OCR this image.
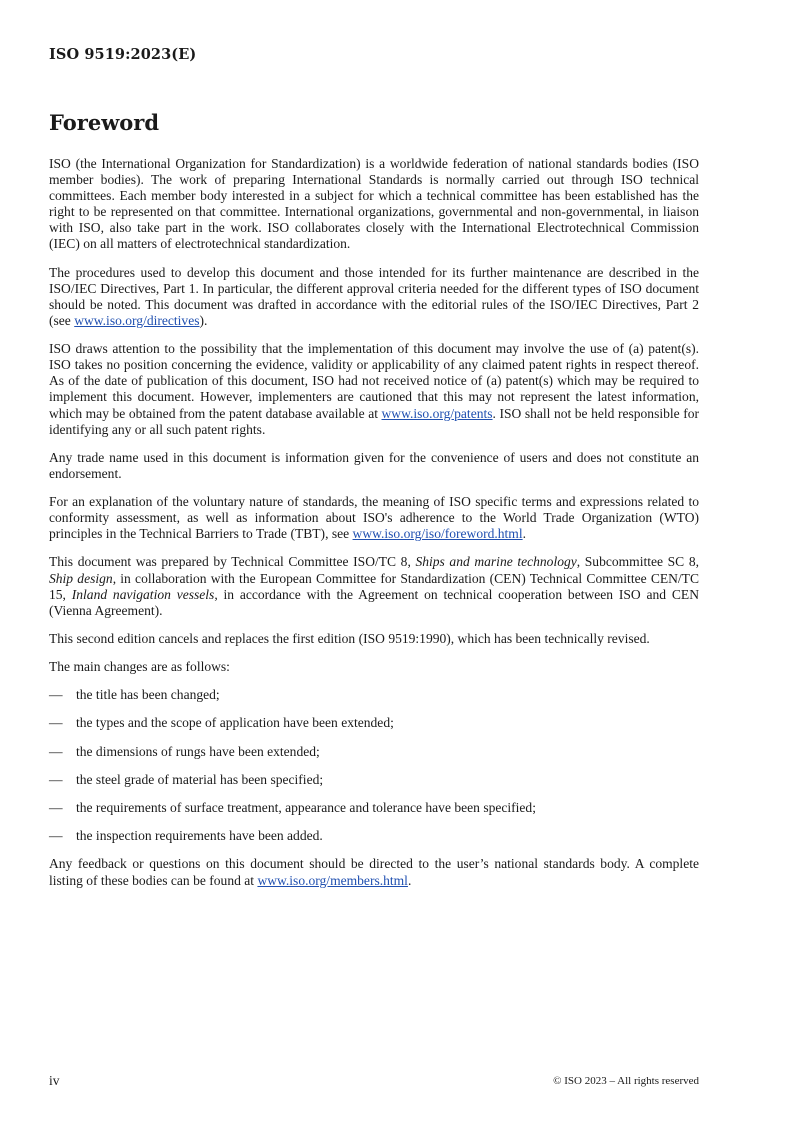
ISO 9519:2023(E)
Foreword

ISO (the International Organization for Standardization) is a worldwide federation of national standards bodies (ISO member bodies). The work of preparing International Standards is normally carried out through ISO technical committees. Each member body interested in a subject for which a technical committee has been established has the right to be represented on that committee. International organizations, governmental and non-governmental, in liaison with ISO, also take part in the work. ISO collaborates closely with the International Electrotechnical Commission (IEC) on all matters of electrotechnical standardization.

The procedures used to develop this document and those intended for its further maintenance are described in the ISO/IEC Directives, Part 1. In particular, the different approval criteria needed for the different types of ISO document should be noted. This document was drafted in accordance with the editorial rules of the ISO/IEC Directives, Part 2 (see www.iso.org/directives).

ISO draws attention to the possibility that the implementation of this document may involve the use of (a) patent(s). ISO takes no position concerning the evidence, validity or applicability of any claimed patent rights in respect thereof. As of the date of publication of this document, ISO had not received notice of (a) patent(s) which may be required to implement this document. However, implementers are cautioned that this may not represent the latest information, which may be obtained from the patent database available at www.iso.org/patents. ISO shall not be held responsible for identifying any or all such patent rights.

Any trade name used in this document is information given for the convenience of users and does not constitute an endorsement.

For an explanation of the voluntary nature of standards, the meaning of ISO specific terms and expressions related to conformity assessment, as well as information about ISO's adherence to the World Trade Organization (WTO) principles in the Technical Barriers to Trade (TBT), see www.iso.org/iso/foreword.html.

This document was prepared by Technical Committee ISO/TC 8, Ships and marine technology, Subcommittee SC 8, Ship design, in collaboration with the European Committee for Standardization (CEN) Technical Committee CEN/TC 15, Inland navigation vessels, in accordance with the Agreement on technical cooperation between ISO and CEN (Vienna Agreement).

This second edition cancels and replaces the first edition (ISO 9519:1990), which has been technically revised.

The main changes are as follows:

— the title has been changed;
— the types and the scope of application have been extended;
— the dimensions of rungs have been extended;
— the steel grade of material has been specified;
— the requirements of surface treatment, appearance and tolerance have been specified;
— the inspection requirements have been added.

Any feedback or questions on this document should be directed to the user’s national standards body. A complete listing of these bodies can be found at www.iso.org/members.html.

iv	© ISO 2023 – All rights reserved
